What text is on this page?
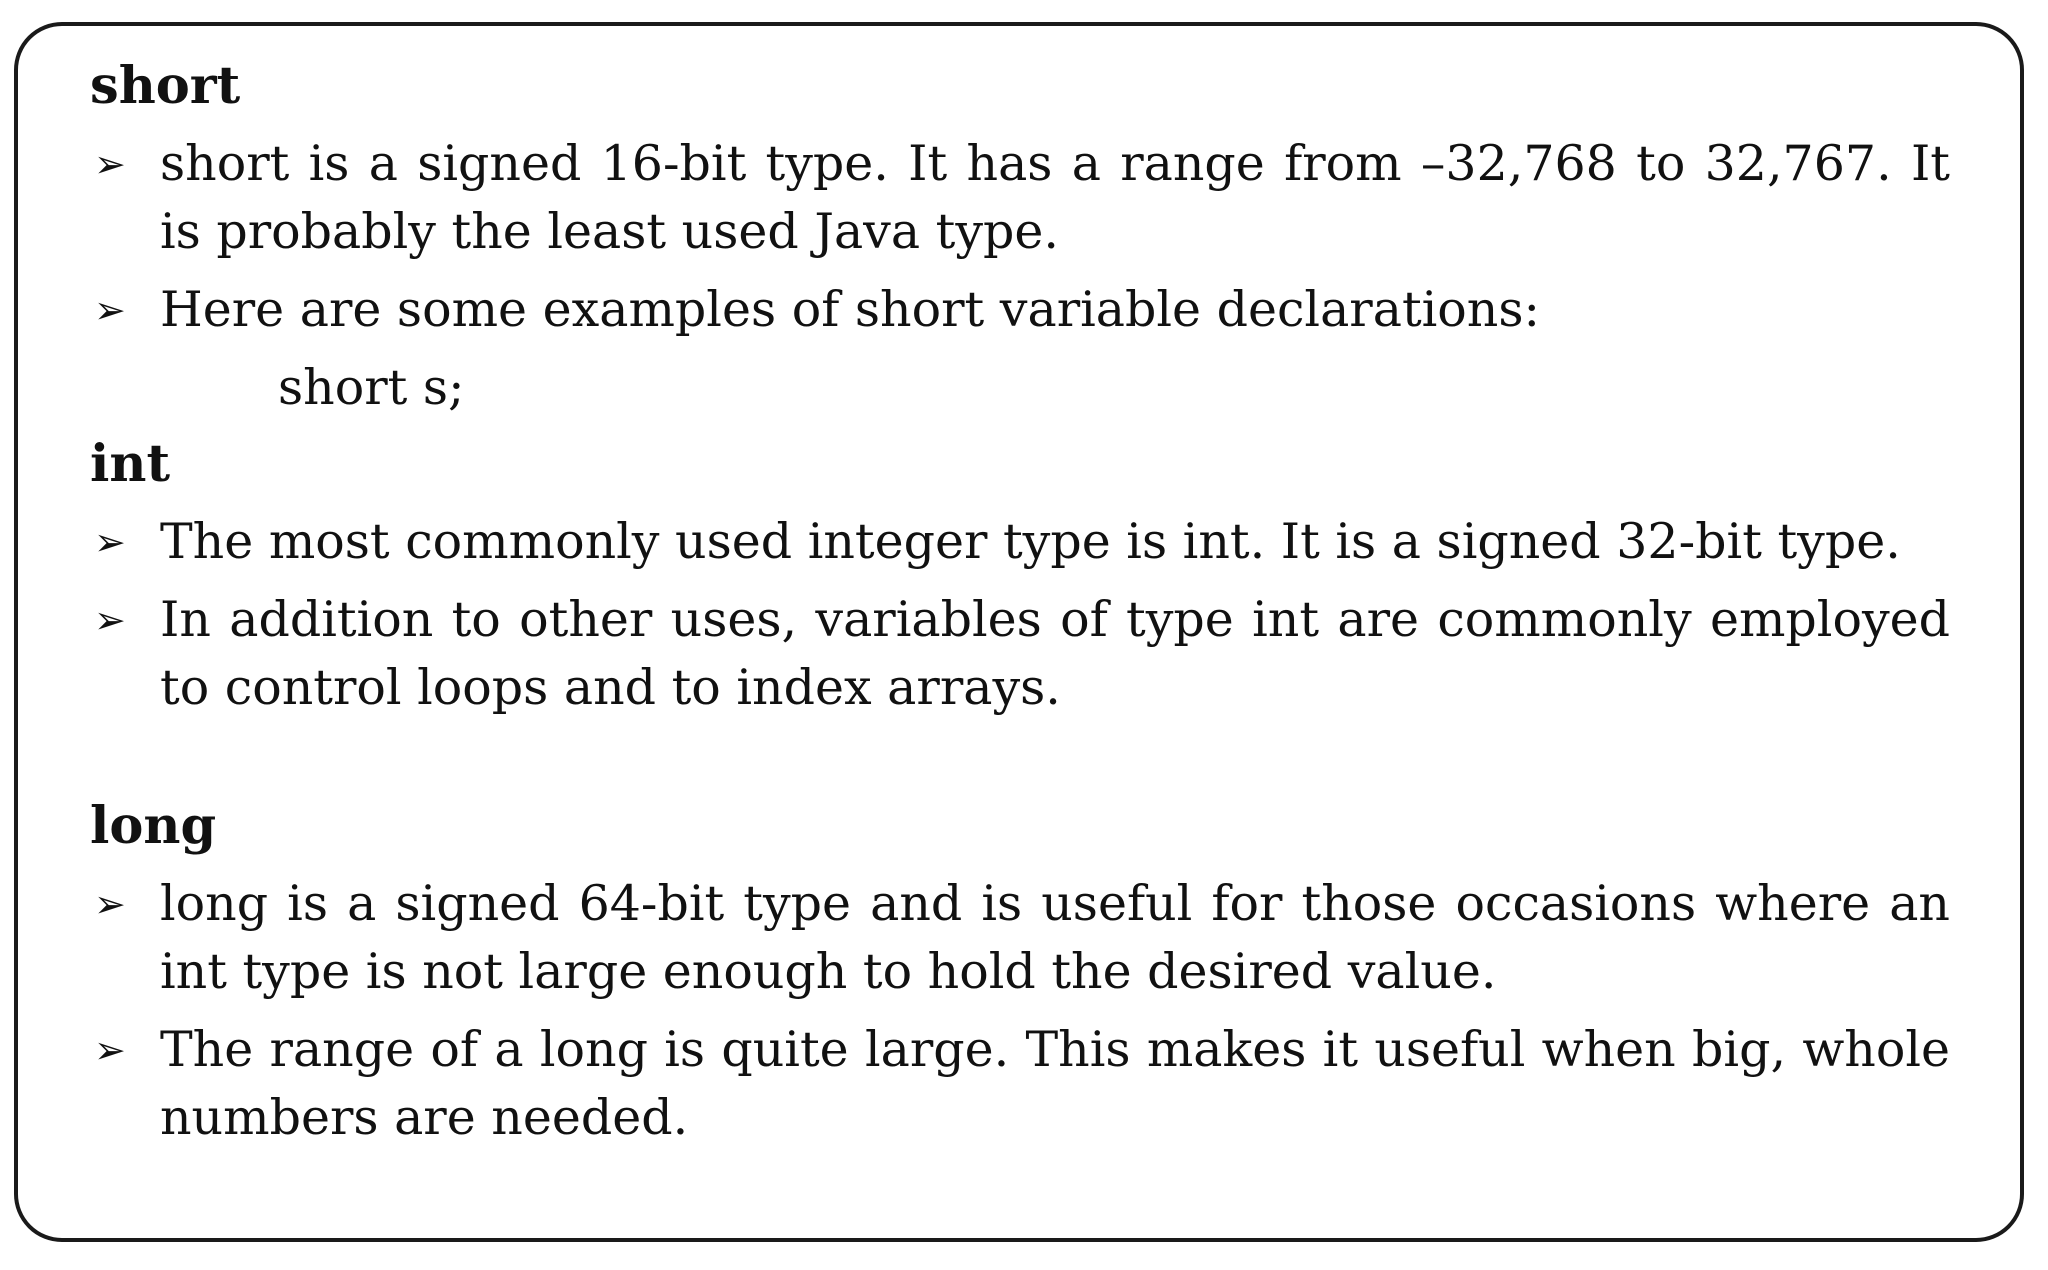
short
➢ short is a signed 16-bit type. It has a range from –32,768 to 32,767. It is probably the least used Java type.
➢ Here are some examples of short variable declarations:
short s;
int
➢ The most commonly used integer type is int. It is a signed 32-bit type.
➢ In addition to other uses, variables of type int are commonly employed to control loops and to index arrays.
long
➢ long is a signed 64-bit type and is useful for those occasions where an int type is not large enough to hold the desired value.
➢ The range of a long is quite large. This makes it useful when big, whole numbers are needed.
